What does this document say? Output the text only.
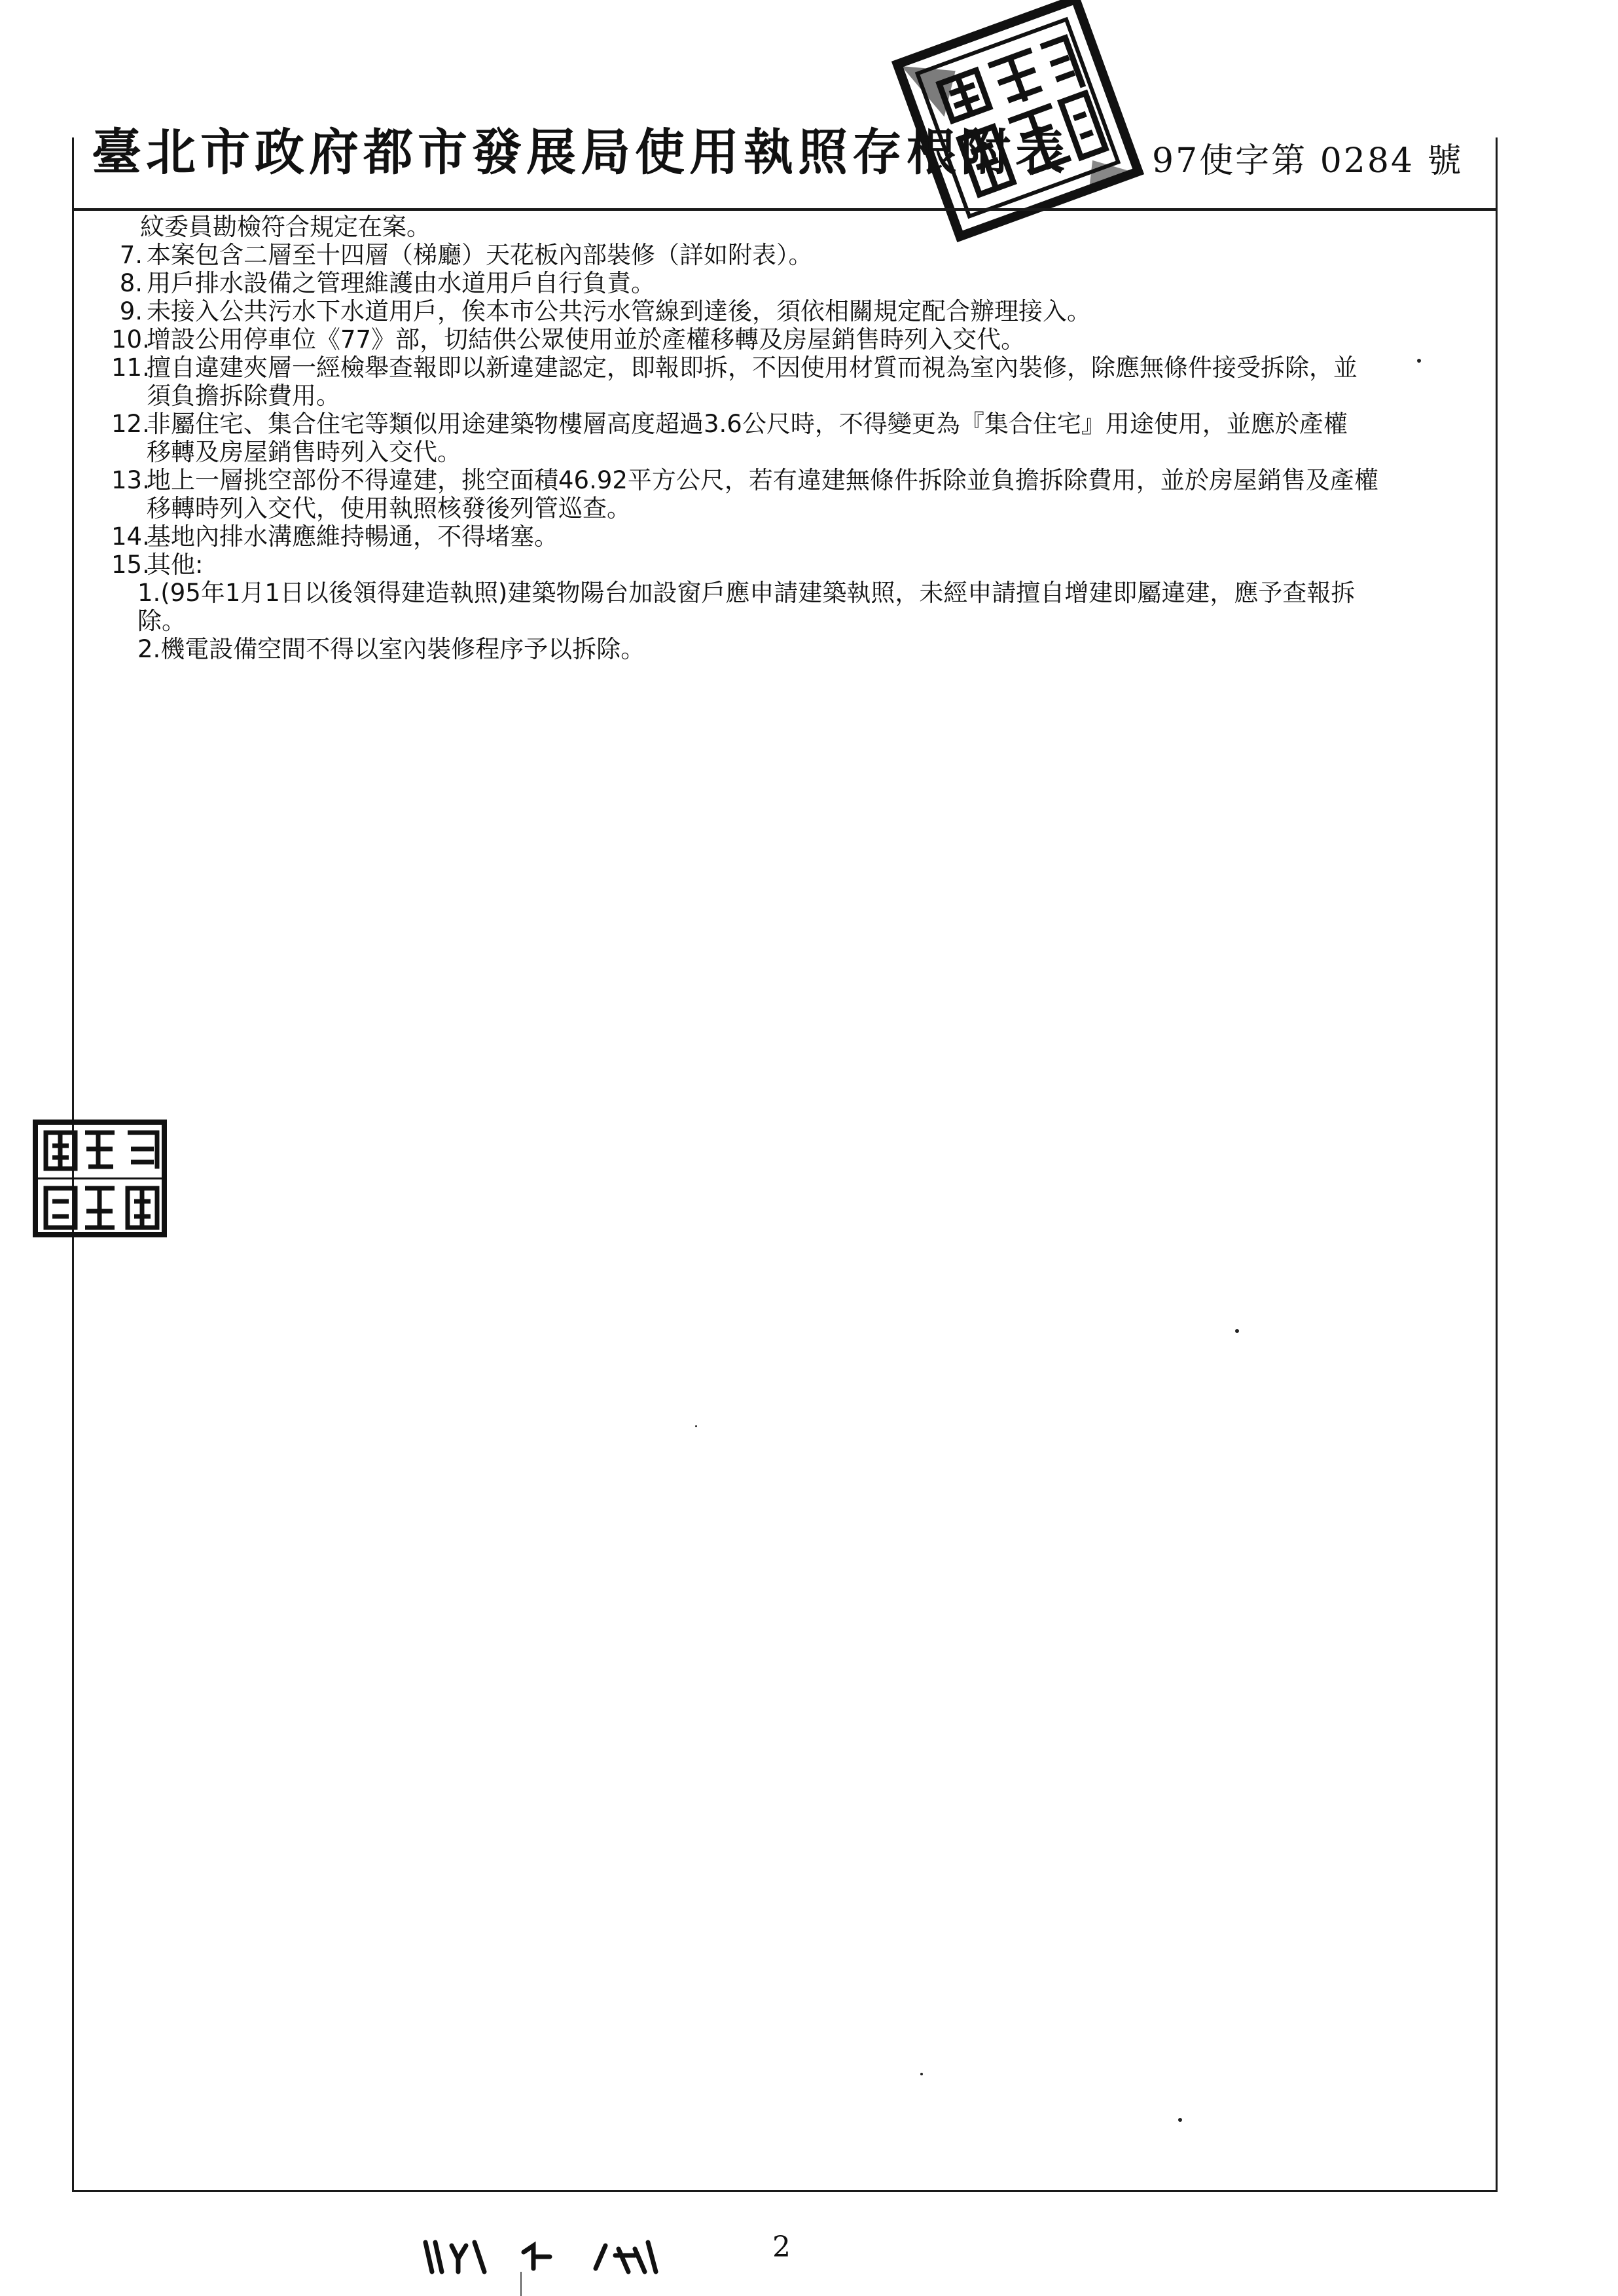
臺北市政府都市發展局使用執照存根附表 97使字第 0284 號
紋委員勘檢符合規定在案。
7. 本案包含二層至十四層（梯廳）天花板內部裝修（詳如附表）。

8. 用戶排水設備之管理維護由水道用戶自行負責。

9. 未接入公共污水下水道用戶，俟本市公共污水管線到達後，須依相關規定配合辦理接入。

10.
增設公用停車位《77》部，切結供公眾使用並於產權移轉及房屋銷售時列入交代。

11.
擅自違建夾層一經檢舉查報即以新違建認定，即報即拆，不因使用材質而視為室內裝修，除應無條件接受拆除，並

須負擔拆除費用。

12.
非屬住宅、集合住宅等類似用途建築物樓層高度超過3.6公尺時，不得變更為『集合住宅』用途使用，並應於產權

移轉及房屋銷售時列入交代。

13.
地上一層挑空部份不得違建，挑空面積46.92平方公尺，若有違建無條件拆除並負擔拆除費用，並於房屋銷售及產權

移轉時列入交代，使用執照核發後列管巡查。

14.
基地內排水溝應維持暢通，不得堵塞。

15.
其他:

1.(95年1月1日以後領得建造執照)建築物陽台加設窗戶應申請建築執照，未經申請擅自增建即屬違建，應予查報拆
除。
2.機電設備空間不得以室內裝修程序予以拆除。
2
